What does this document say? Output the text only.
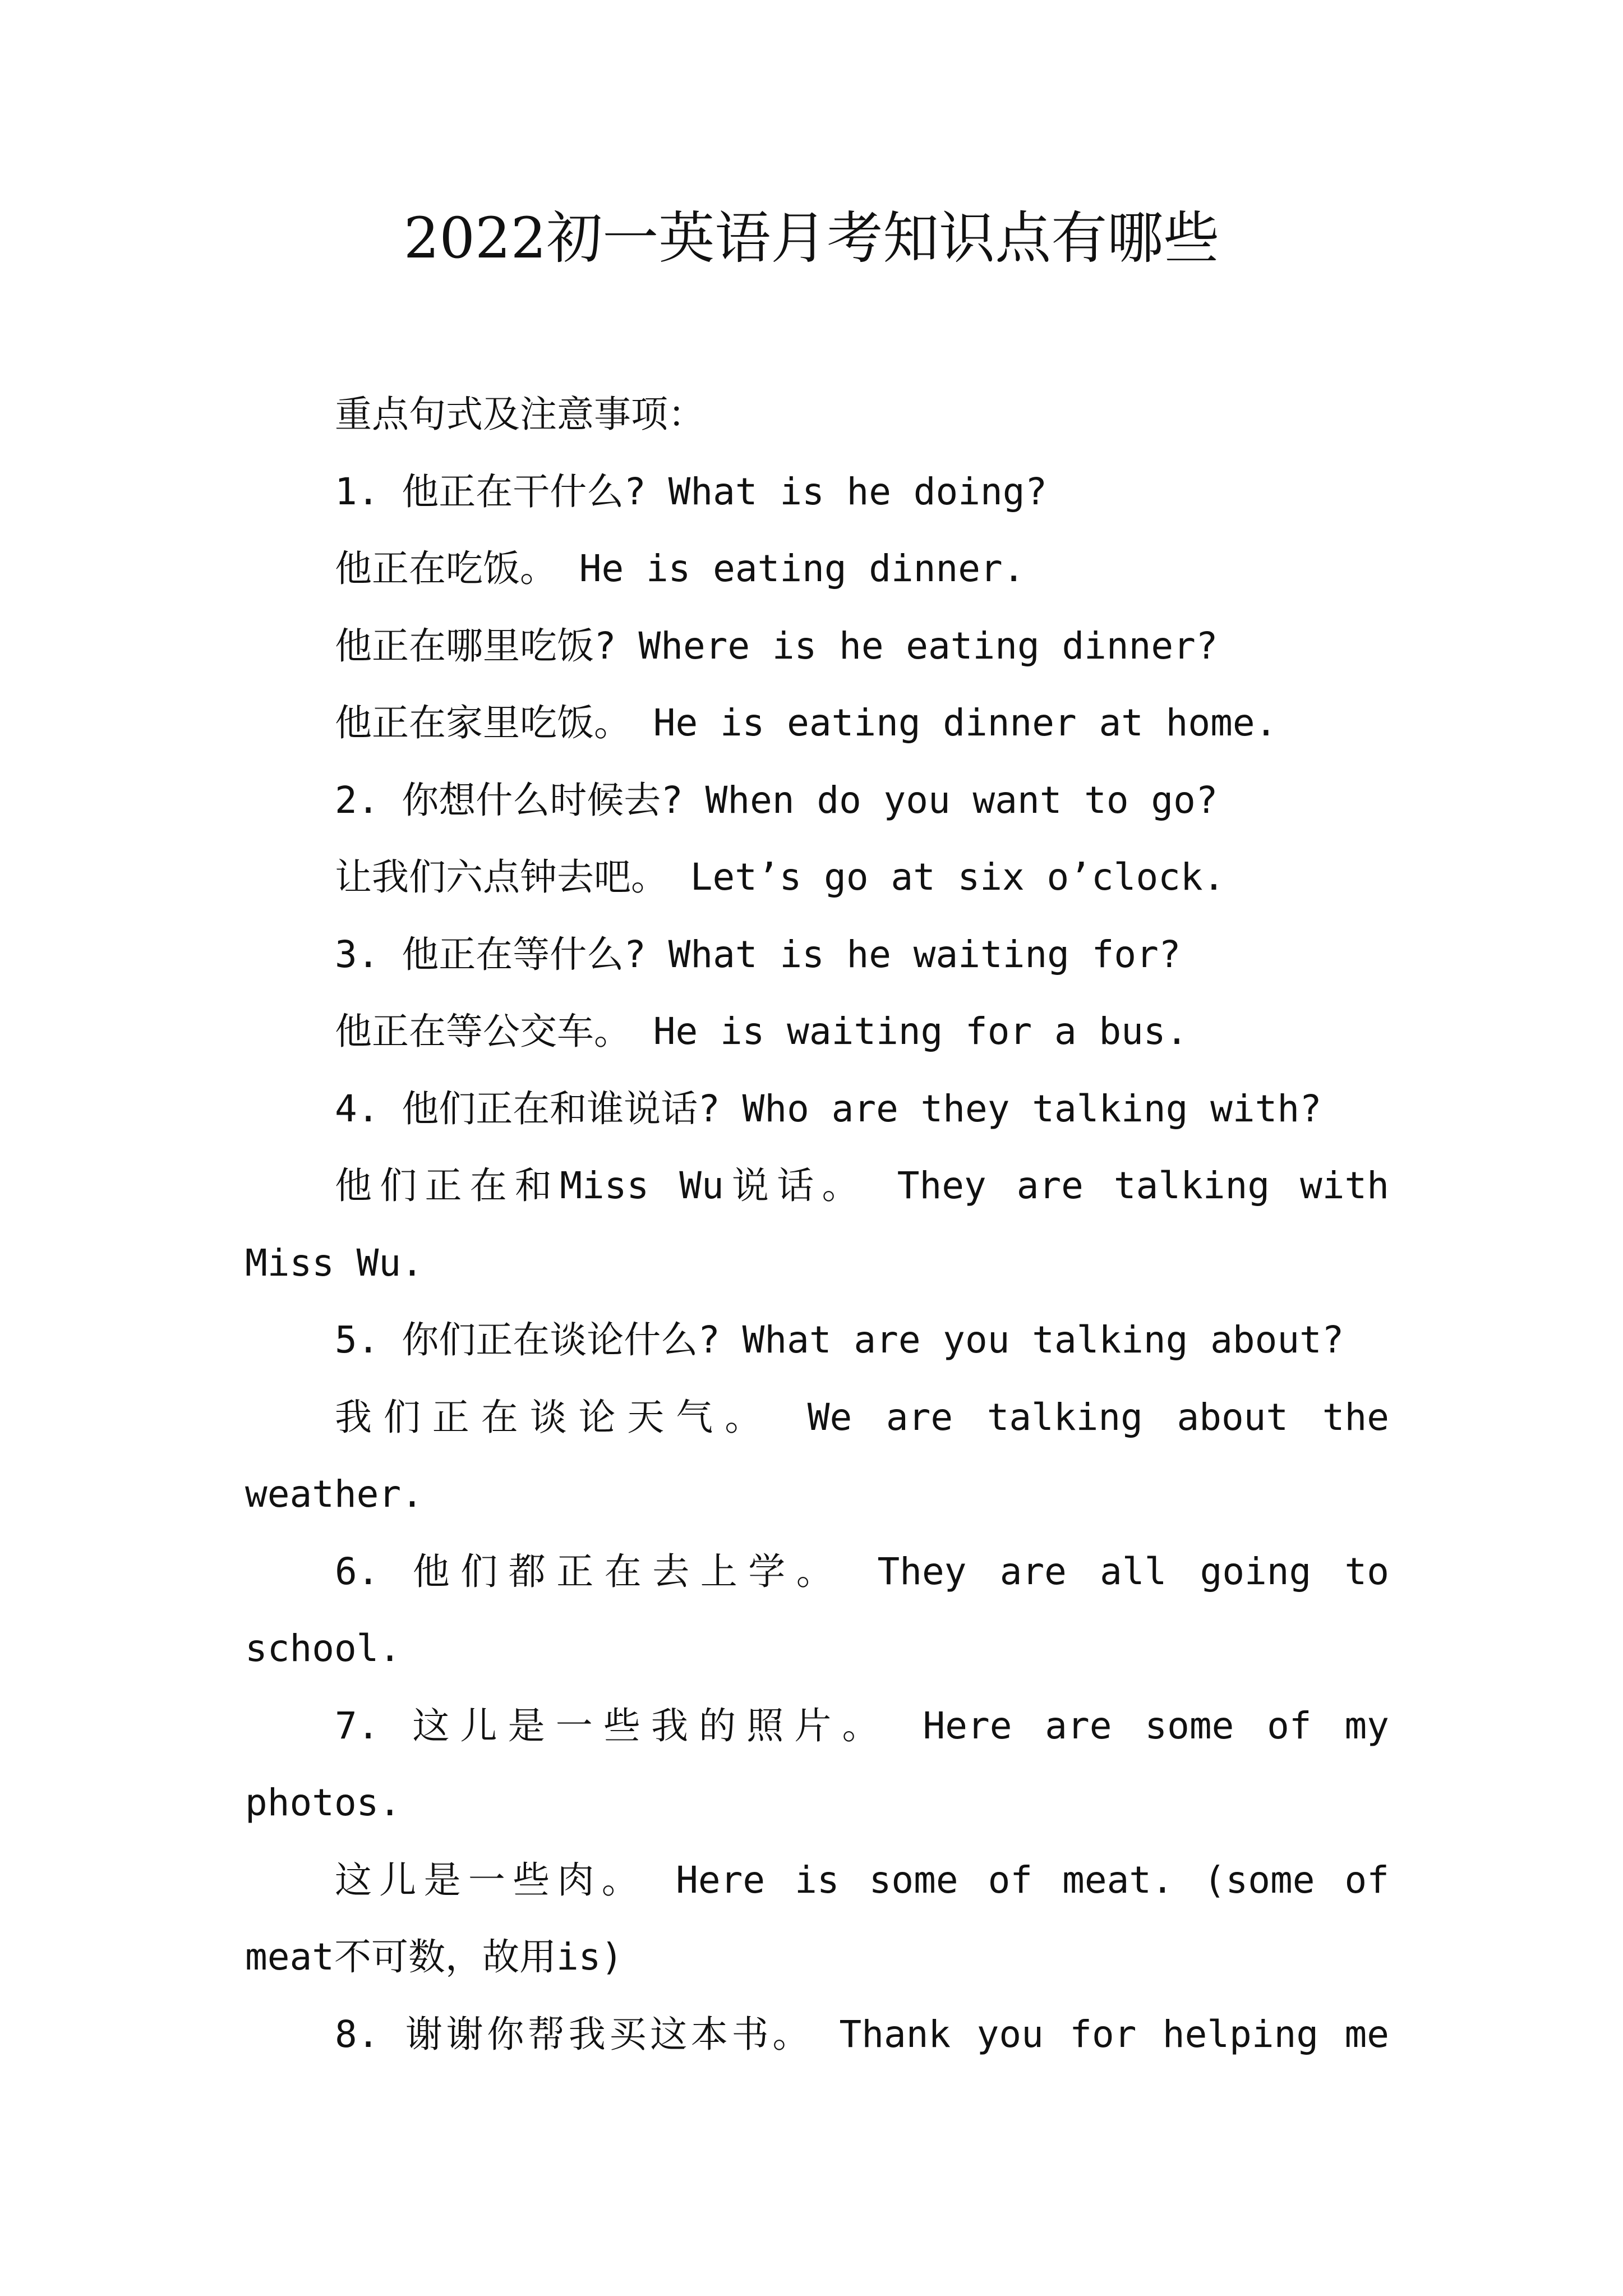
2022初一英语月考知识点有哪些
重点句式及注意事项：
1. 他正在干什么? What is he doing?
他正在吃饭。 He is eating dinner.
他正在哪里吃饭? Where is he eating dinner?
他正在家里吃饭。 He is eating dinner at home.
2. 你想什么时候去? When do you want to go?
让我们六点钟去吧。 Let’s go at six o’clock.
3. 他正在等什么? What is he waiting for?
他正在等公交车。 He is waiting for a bus.
4. 他们正在和谁说话? Who are they talking with?
他们正在和Miss Wu说话。 They are talking with
Miss Wu.
5. 你们正在谈论什么? What are you talking about?
我们正在谈论天气。 We are talking about the
weather.
6. 他们都正在去上学。 They are all going to
school.
7. 这儿是一些我的照片。 Here are some of my
photos.
这儿是一些肉。 Here is some of meat. (some of
meat不可数，故用is)
8. 谢谢你帮我买这本书。 Thank you for helping me
